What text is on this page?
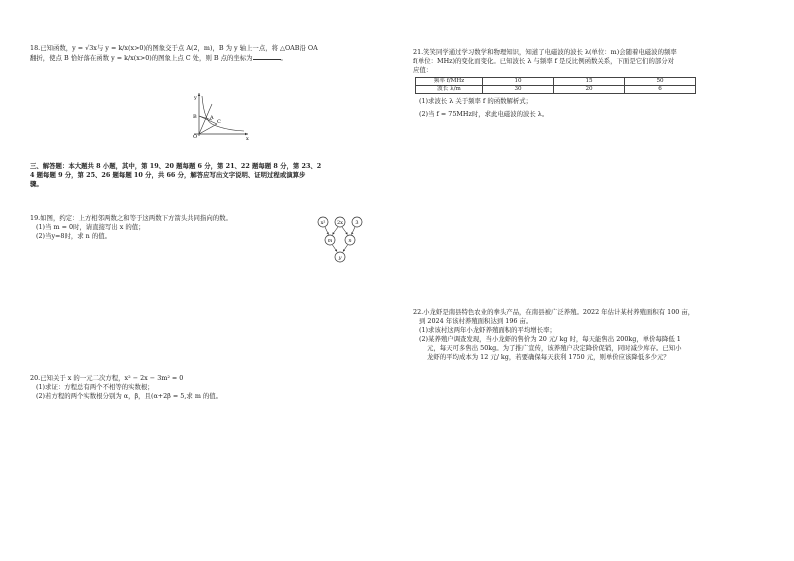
18.已知函数，y = √3x与 y = k/x(x>0)的图象交于点 A(2，m)，B 为 y 轴上一点，将 △OAB沿 OA
翻折，使点 B 恰好落在函数 y = k/x(x>0)的图象上点 C 处，则 B 点的坐标为	。
y
x
O
B	A
C
三、解答题：本大题共 8 小题，其中，第 19、20 题每题 6 分，第 21、22 题每题 8 分，第 23、2
4 题每题 9 分，第 25、26 题每题 10 分，共 66 分，解答应写出文字说明、证明过程或演算步
骤。
19.如图，约定：上方相邻两数之和等于这两数下方箭头共同指向的数。
(1)当 m = 0时，请直接写出 x 的值；
(2)当y=8时，求 n 的值。
x² 2x 3
m	n
y
20.已知关于 x 的一元二次方程，x² − 2x − 3m² = 0
(1)求证：方程总有两个不相等的实数根；
(2)若方程的两个实数根分别为 α，β，且(α+2β = 5,求 m 的值。
21.笑笑同学通过学习数学和物理知识，知道了电磁波的波长 λ(单位：m)会随着电磁波的频率
f(单位：MHz)的变化而变化。已知波长 λ 与频率 f 是反比例函数关系，下面是它们的部分对
应值：
频率 f/MHz	10	15	50
波长 λ/m	30	20	6
(1)求波长 λ 关于频率 f 的函数解析式；
(2)当 f = 75MHz时，求此电磁波的波长 λ。
22.小龙虾是南县特色农业的拳头产品，在南县被广泛养殖。2022 年估计某村养殖面积有 100 亩，
到 2024 年该村养殖面积达到 196 亩。
(1)求该村这两年小龙虾养殖面积的平均增长率；
(2)某养殖户调查发现，当小龙虾的售价为 20 元/ kg 时，每天能售出 200kg，单价每降低 1
元，每天可多售出 50kg。为了推广宣传，该养殖户决定降价促销，同时减少库存。已知小
龙虾的平均成本为 12 元/ kg，若要确保每天获利 1750 元，则单价应该降低多少元？
